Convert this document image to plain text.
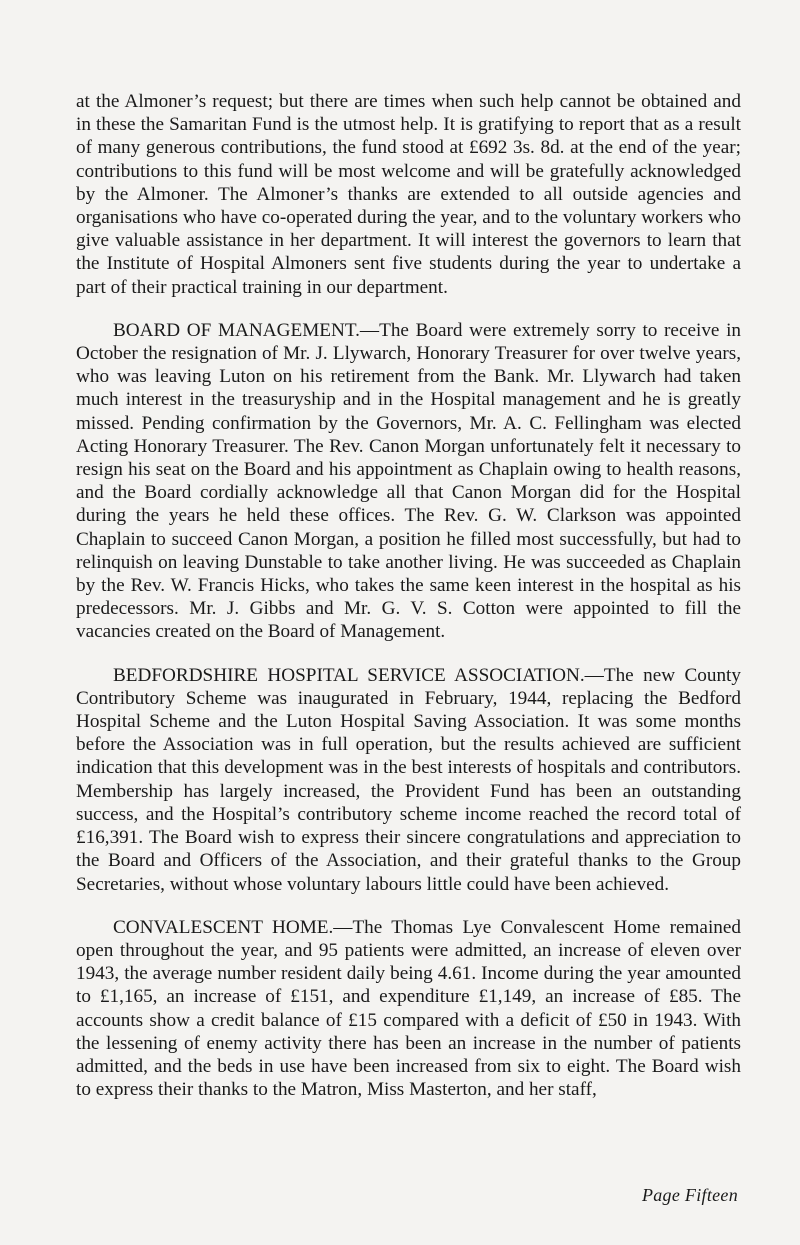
at the Almoner’s request; but there are times when such help cannot be obtained and in these the Samaritan Fund is the utmost help. It is gratifying to report that as a result of many generous contributions, the fund stood at £692 3s. 8d. at the end of the year; contributions to this fund will be most welcome and will be gratefully acknowledged by the Almoner. The Almoner’s thanks are extended to all outside agencies and organisations who have co-operated during the year, and to the voluntary workers who give valuable assistance in her department. It will interest the governors to learn that the Institute of Hospital Almoners sent five students during the year to undertake a part of their practical training in our department.

BOARD OF MANAGEMENT.—The Board were extremely sorry to receive in October the resignation of Mr. J. Llywarch, Honorary Treasurer for over twelve years, who was leaving Luton on his retirement from the Bank. Mr. Llywarch had taken much interest in the treasuryship and in the Hospital management and he is greatly missed. Pending confirmation by the Governors, Mr. A. C. Fellingham was elected Acting Honorary Treasurer. The Rev. Canon Morgan unfortunately felt it necessary to resign his seat on the Board and his appointment as Chaplain owing to health reasons, and the Board cordially acknowledge all that Canon Morgan did for the Hospital during the years he held these offices. The Rev. G. W. Clarkson was appointed Chaplain to succeed Canon Morgan, a position he filled most successfully, but had to relinquish on leaving Dunstable to take another living. He was succeeded as Chaplain by the Rev. W. Francis Hicks, who takes the same keen interest in the hospital as his predecessors. Mr. J. Gibbs and Mr. G. V. S. Cotton were appointed to fill the vacancies created on the Board of Management.

BEDFORDSHIRE HOSPITAL SERVICE ASSOCIATION.—The new County Contributory Scheme was inaugurated in February, 1944, replacing the Bedford Hospital Scheme and the Luton Hospital Saving Association. It was some months before the Association was in full operation, but the results achieved are sufficient indication that this development was in the best interests of hospitals and contributors. Membership has largely increased, the Provident Fund has been an outstanding success, and the Hospital’s contributory scheme income reached the record total of £16,391. The Board wish to express their sincere congratulations and appreciation to the Board and Officers of the Association, and their grateful thanks to the Group Secretaries, without whose voluntary labours little could have been achieved.

CONVALESCENT HOME.—The Thomas Lye Convalescent Home remained open throughout the year, and 95 patients were admitted, an increase of eleven over 1943, the average number resident daily being 4.61. Income during the year amounted to £1,165, an increase of £151, and expenditure £1,149, an increase of £85. The accounts show a credit balance of £15 compared with a deficit of £50 in 1943. With the lessening of enemy activity there has been an increase in the number of patients admitted, and the beds in use have been increased from six to eight. The Board wish to express their thanks to the Matron, Miss Masterton, and her staff,

Page Fifteen
